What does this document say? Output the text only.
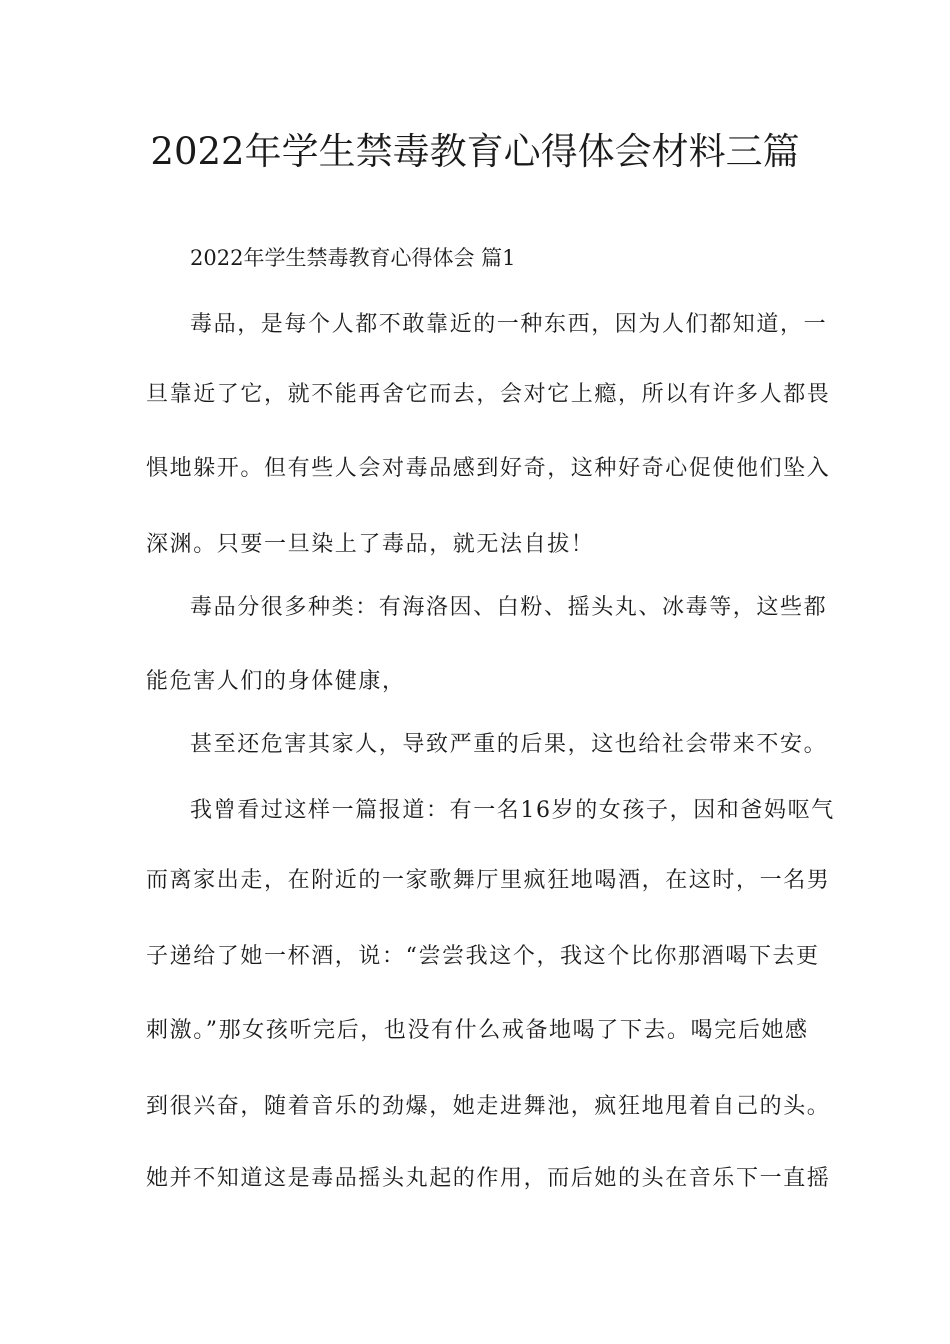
2022年学生禁毒教育心得体会材料三篇

2022年学生禁毒教育心得体会 篇1

毒品，是每个人都不敢靠近的一种东西，因为人们都知道，一

旦靠近了它，就不能再舍它而去，会对它上瘾，所以有许多人都畏

惧地躲开。但有些人会对毒品感到好奇，这种好奇心促使他们坠入

深渊。只要一旦染上了毒品，就无法自拔！

毒品分很多种类：有海洛因、白粉、摇头丸、冰毒等，这些都

能危害人们的身体健康，

甚至还危害其家人，导致严重的后果，这也给社会带来不安。

我曾看过这样一篇报道：有一名16岁的女孩子，因和爸妈呕气

而离家出走，在附近的一家歌舞厅里疯狂地喝酒，在这时，一名男

子递给了她一杯酒，说：“尝尝我这个，我这个比你那酒喝下去更

刺激。”那女孩听完后，也没有什么戒备地喝了下去。喝完后她感

到很兴奋，随着音乐的劲爆，她走进舞池，疯狂地甩着自己的头。

她并不知道这是毒品摇头丸起的作用，而后她的头在音乐下一直摇
